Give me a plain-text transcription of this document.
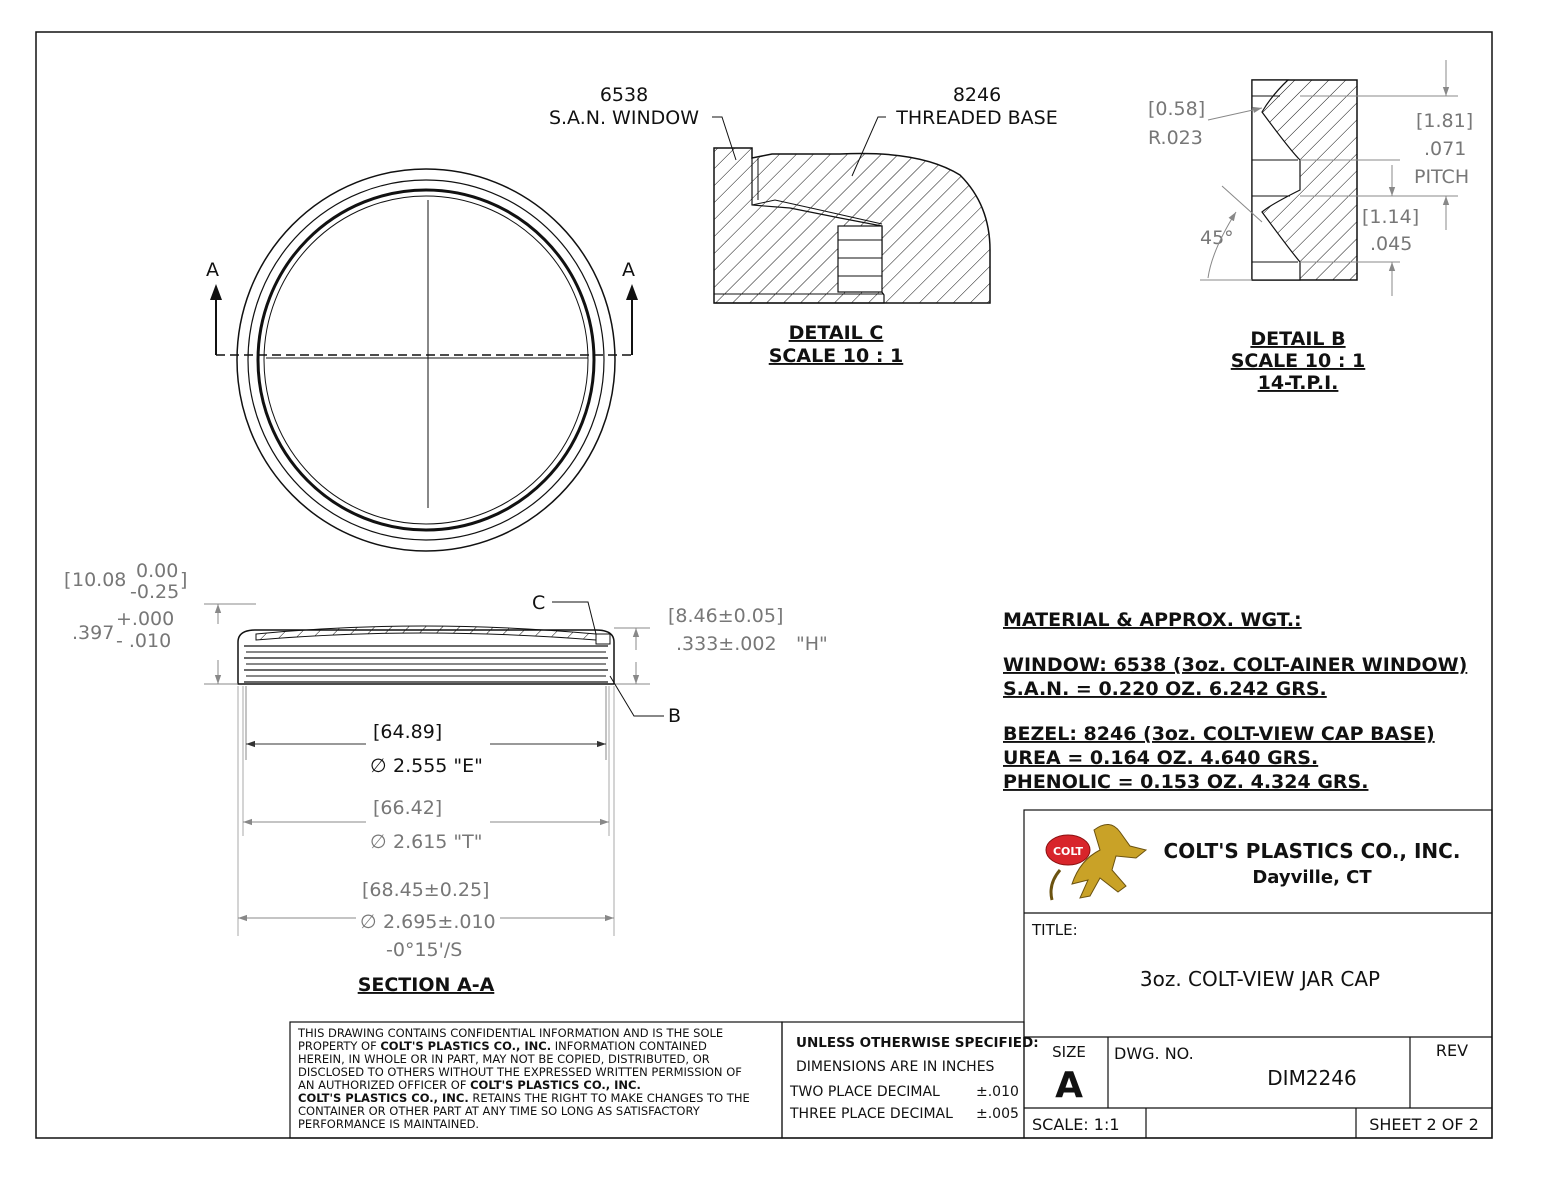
A	A
6538
S.A.N. WINDOW
8246
THREADED BASE
DETAIL C
SCALE 10 : 1
[0.58]
R.023
45°
[1.81]
.071
PITCH
[1.14]
.045
DETAIL B
SCALE 10 : 1
14-T.P.I.
[ 10.08 0.00
-0.25
]
.397
+.000
- .010
[8.46±0.05]
.333±.002 "H"
C
B
[64.89]
∅ 2.555 "E"
[66.42]
∅ 2.615 "T"
[68.45±0.25]
∅ 2.695±.010
-0°15'/S
SECTION A-A
MATERIAL & APPROX. WGT.:
WINDOW: 6538 (3oz. COLT-AINER WINDOW)
S.A.N. = 0.220 OZ. 6.242 GRS.
BEZEL: 8246 (3oz. COLT-VIEW CAP BASE)
UREA = 0.164 OZ. 4.640 GRS.
PHENOLIC = 0.153 OZ. 4.324 GRS.
THIS DRAWING CONTAINS CONFIDENTIAL INFORMATION AND IS THE SOLE
PROPERTY OF COLT'S PLASTICS CO., INC. INFORMATION CONTAINED
HEREIN, IN WHOLE OR IN PART, MAY NOT BE COPIED, DISTRIBUTED, OR
DISCLOSED TO OTHERS WITHOUT THE EXPRESSED WRITTEN PERMISSION OF
AN AUTHORIZED OFFICER OF COLT'S PLASTICS CO., INC.
COLT'S PLASTICS CO., INC. RETAINS THE RIGHT TO MAKE CHANGES TO THE
CONTAINER OR OTHER PART AT ANY TIME SO LONG AS SATISFACTORY
PERFORMANCE IS MAINTAINED.
UNLESS OTHERWISE SPECIFIED:
DIMENSIONS ARE IN INCHES
TWO PLACE DECIMAL	±.010
THREE PLACE DECIMAL ±.005
COLT	COLT'S PLASTICS CO., INC.
Dayville, CT
TITLE:
3oz. COLT-VIEW JAR CAP
SIZE
A
DWG. NO.
DIM2246
REV
SCALE: 1:1	SHEET 2 OF 2
